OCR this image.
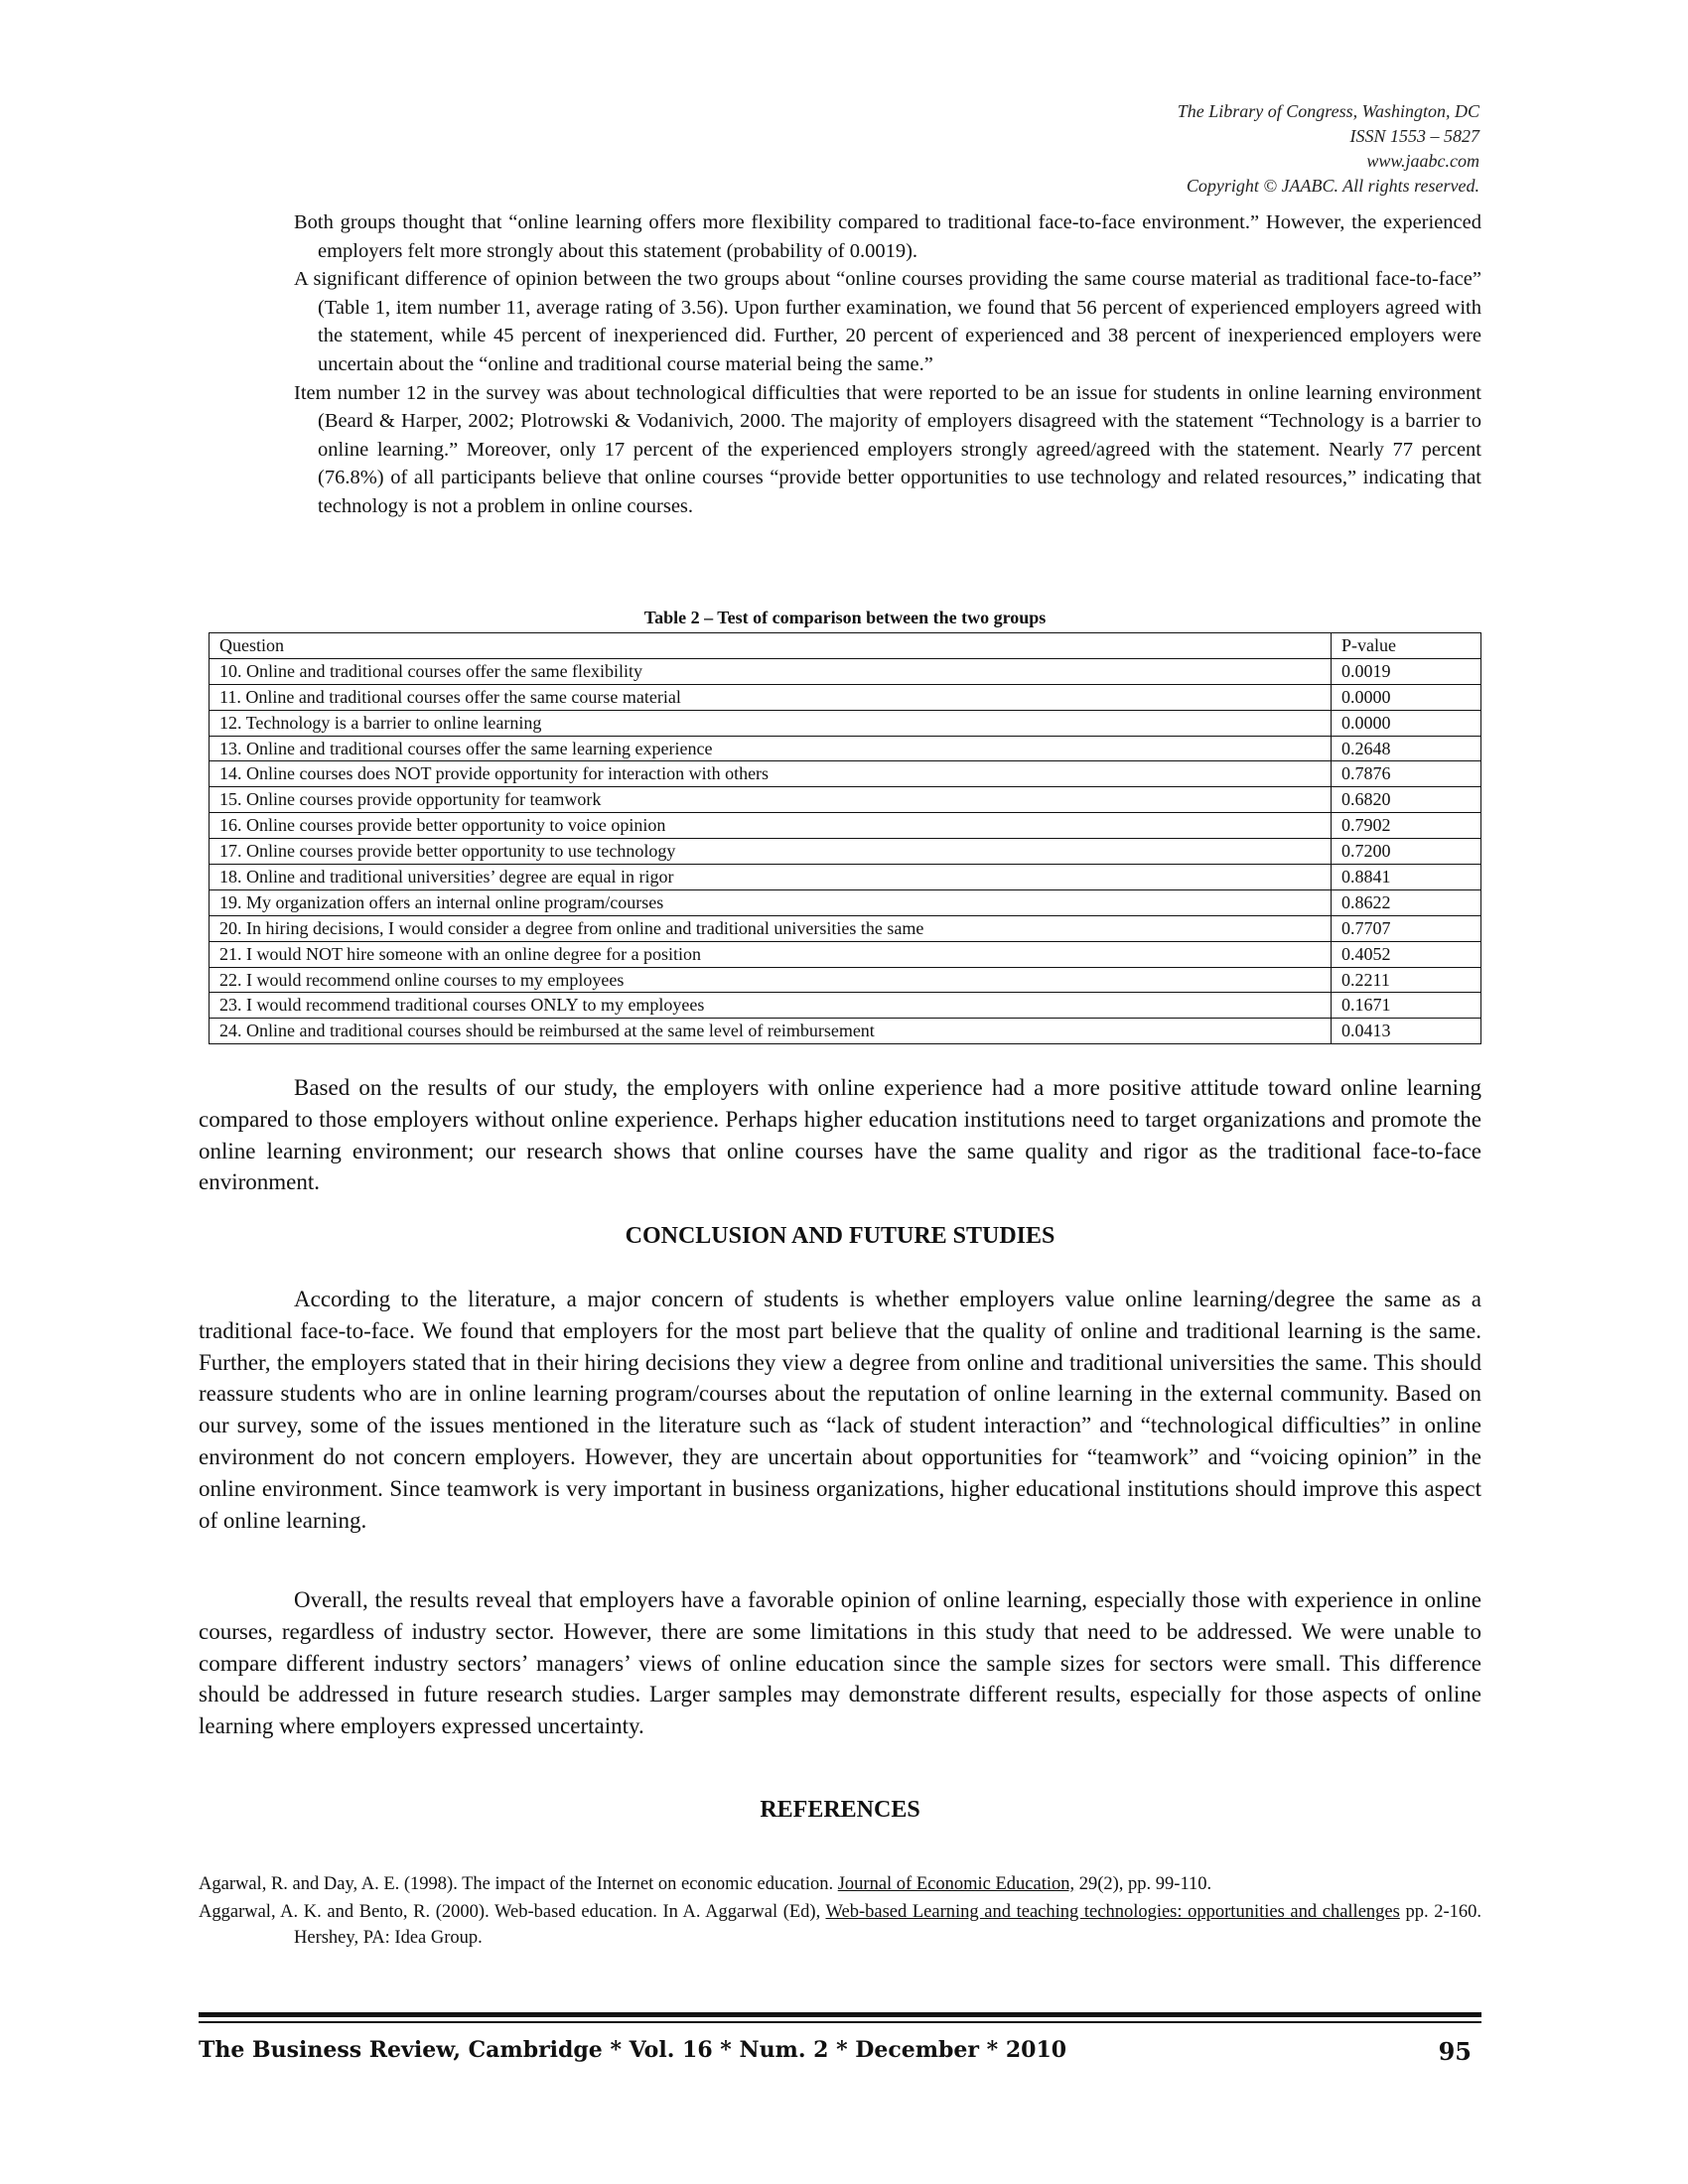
The Library of Congress, Washington, DC
ISSN 1553 – 5827
www.jaabc.com
Copyright © JAABC. All rights reserved.

Both groups thought that “online learning offers more flexibility compared to traditional face-to-face environment.” However, the experienced employers felt more strongly about this statement (probability of 0.0019).

A significant difference of opinion between the two groups about “online courses providing the same course material as traditional face-to-face” (Table 1, item number 11, average rating of 3.56). Upon further examination, we found that 56 percent of experienced employers agreed with the statement, while 45 percent of inexperienced did. Further, 20 percent of experienced and 38 percent of inexperienced employers were uncertain about the “online and traditional course material being the same.”

Item number 12 in the survey was about technological difficulties that were reported to be an issue for students in online learning environment (Beard & Harper, 2002; Plotrowski & Vodanivich, 2000. The majority of employers disagreed with the statement “Technology is a barrier to online learning.” Moreover, only 17 percent of the experienced employers strongly agreed/agreed with the statement. Nearly 77 percent (76.8%) of all participants believe that online courses “provide better opportunities to use technology and related resources,” indicating that technology is not a problem in online courses.

Table 2 – Test of comparison between the two groups
Question	P-value
10. Online and traditional courses offer the same flexibility	0.0019
11. Online and traditional courses offer the same course material	0.0000
12. Technology is a barrier to online learning	0.0000
13. Online and traditional courses offer the same learning experience	0.2648
14. Online courses does NOT provide opportunity for interaction with others	0.7876
15. Online courses provide opportunity for teamwork	0.6820
16. Online courses provide better opportunity to voice opinion	0.7902
17. Online courses provide better opportunity to use technology	0.7200
18. Online and traditional universities’ degree are equal in rigor	0.8841
19. My organization offers an internal online program/courses	0.8622
20. In hiring decisions, I would consider a degree from online and traditional universities the same	0.7707
21. I would NOT hire someone with an online degree for a position	0.4052
22. I would recommend online courses to my employees	0.2211
23. I would recommend traditional courses ONLY to my employees	0.1671
24. Online and traditional courses should be reimbursed at the same level of reimbursement	0.0413

Based on the results of our study, the employers with online experience had a more positive attitude toward online learning compared to those employers without online experience. Perhaps higher education institutions need to target organizations and promote the online learning environment; our research shows that online courses have the same quality and rigor as the traditional face-to-face environment.

CONCLUSION AND FUTURE STUDIES

According to the literature, a major concern of students is whether employers value online learning/degree the same as a traditional face-to-face. We found that employers for the most part believe that the quality of online and traditional learning is the same. Further, the employers stated that in their hiring decisions they view a degree from online and traditional universities the same. This should reassure students who are in online learning program/courses about the reputation of online learning in the external community. Based on our survey, some of the issues mentioned in the literature such as “lack of student interaction” and “technological difficulties” in online environment do not concern employers. However, they are uncertain about opportunities for “teamwork” and “voicing opinion” in the online environment. Since teamwork is very important in business organizations, higher educational institutions should improve this aspect of online learning.

Overall, the results reveal that employers have a favorable opinion of online learning, especially those with experience in online courses, regardless of industry sector. However, there are some limitations in this study that need to be addressed. We were unable to compare different industry sectors’ managers’ views of online education since the sample sizes for sectors were small. This difference should be addressed in future research studies. Larger samples may demonstrate different results, especially for those aspects of online learning where employers expressed uncertainty.

REFERENCES

Agarwal, R. and Day, A. E. (1998). The impact of the Internet on economic education. Journal of Economic Education, 29(2), pp. 99-110.

Aggarwal, A. K. and Bento, R. (2000). Web-based education. In A. Aggarwal (Ed), Web-based Learning and teaching technologies: opportunities and challenges pp. 2-160. Hershey, PA: Idea Group.

The Business Review, Cambridge * Vol. 16 * Num. 2 * December * 2010	95
